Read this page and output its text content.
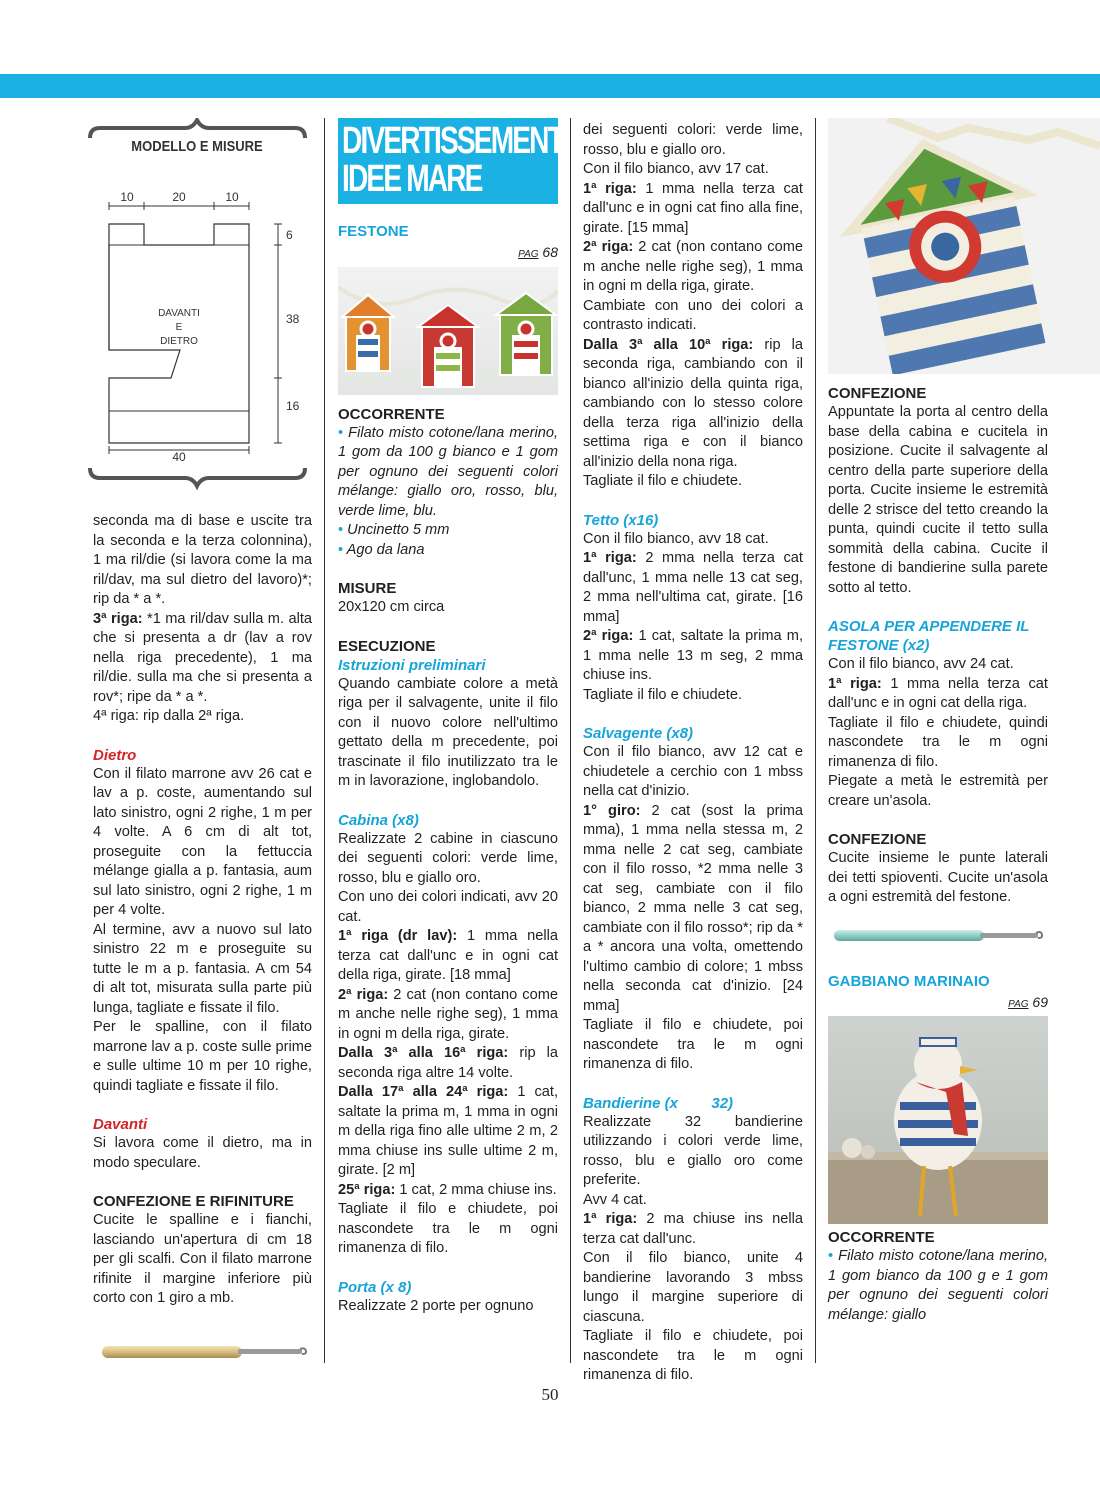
MODELLO E MISURE
10	20	10
DAVANTI
E
DIETRO
6
38
16
40

seconda ma di base e uscite tra la seconda e la terza colonnina), 1 ma ril/die (si lavora come la ma ril/dav, ma sul dietro del lavoro)*; rip da * a *.

3ª riga: *1 ma ril/dav sulla m. alta che si presenta a dr (lav a rov nella riga precedente), 1 ma ril/die. sulla ma che si presenta a rov*; ripe da * a *.

4ª riga: rip dalla 2ª riga.

Dietro

Con il filato marrone avv 26 cat e lav a p. coste, aumentando sul lato sinistro, ogni 2 righe, 1 m per 4 volte. A 6 cm di alt tot, proseguite con la fettuccia mélange gialla a p. fantasia, aum sul lato sinistro, ogni 2 righe, 1 m per 4 volte.

Al termine, avv a nuovo sul lato sinistro 22 m e proseguite su tutte le m a p. fantasia. A cm 54 di alt tot, misurata sulla parte più lunga, tagliate e fissate il filo.

Per le spalline, con il filato marrone lav a p. coste sulle prime e sulle ultime 10 m per 10 righe, quindi tagliate e fissate il filo.

Davanti

Si lavora come il dietro, ma in modo speculare.

CONFEZIONE E RIFINITURE

Cucite le spalline e i fianchi, lasciando un'apertura di cm 18 per gli scalfi. Con il filato marrone rifinite il margine inferiore più corto con 1 giro a mb.

DIVERTISSEMENT
IDEE MARE
FESTONE
PAG 68
OCCORRENTE

• Filato misto cotone/lana merino, 1 gom da 100 g bianco e 1 gom per ognuno dei seguenti colori mélange: giallo oro, rosso, blu, verde lime, blu.

• Uncinetto 5 mm

• Ago da lana

MISURE

20x120 cm circa

ESECUZIONE
Istruzioni preliminari

Quando cambiate colore a metà riga per il salvagente, unite il filo con il nuovo colore nell'ultimo gettato della m precedente, poi trascinate il filo inutilizzato tra le m in lavorazione, inglobandolo.

Cabina (x8)

Realizzate 2 cabine in ciascuno dei seguenti colori: verde lime, rosso, blu e giallo oro.

Con uno dei colori indicati, avv 20 cat.

1ª riga (dr lav): 1 mma nella terza cat dall'unc e in ogni cat della riga, girate. [18 mma]

2ª riga: 2 cat (non contano come m anche nelle righe seg), 1 mma in ogni m della riga, girate.

Dalla 3ª alla 16ª riga: rip la seconda riga altre 14 volte.

Dalla 17ª alla 24ª riga: 1 cat, saltate la prima m, 1 mma in ogni m della riga fino alle ultime 2 m, 2 mma chiuse ins sulle ultime 2 m, girate. [2 m]

25ª riga: 1 cat, 2 mma chiuse ins.

Tagliate il filo e chiudete, poi nascondete tra le m ogni rimanenza di filo.

Porta (x 8)

Realizzate 2 porte per ognuno

dei seguenti colori: verde lime, rosso, blu e giallo oro.

Con il filo bianco, avv 17 cat.

1ª riga: 1 mma nella terza cat dall'unc e in ogni cat fino alla fine, girate. [15 mma]

2ª riga: 2 cat (non contano come m anche nelle righe seg), 1 mma in ogni m della riga, girate.

Cambiate con uno dei colori a contrasto indicati.

Dalla 3ª alla 10ª riga: rip la seconda riga, cambiando con il bianco all'inizio della quinta riga, cambiando con lo stesso colore della terza riga all'inizio della settima riga e con il bianco all'inizio della nona riga.

Tagliate il filo e chiudete.

Tetto (x16)

Con il filo bianco, avv 18 cat.

1ª riga: 2 mma nella terza cat dall'unc, 1 mma nelle 13 cat seg, 2 mma nell'ultima cat, girate. [16 mma]

2ª riga: 1 cat, saltate la prima m, 1 mma nelle 13 m seg, 2 mma chiuse ins.

Tagliate il filo e chiudete.

Salvagente (x8)

Con il filo bianco, avv 12 cat e chiudetele a cerchio con 1 mbss nella cat d'inizio.

1° giro: 2 cat (sost la prima mma), 1 mma nella stessa m, 2 mma nelle 2 cat seg, cambiate con il filo rosso, *2 mma nelle 3 cat seg, cambiate con il filo bianco, 2 mma nelle 3 cat seg, cambiate con il filo rosso*; rip da * a * ancora una volta, omettendo l'ultimo cambio di colore; 1 mbss nella seconda cat d'inizio. [24 mma]

Tagliate il filo e chiudete, poi nascondete tra le m ogni rimanenza di filo.

Bandierine (x        32)

Realizzate 32 bandierine utilizzando i colori verde lime, rosso, blu e giallo oro come preferite.

Avv 4 cat.

1ª riga: 2 ma chiuse ins nella terza cat dall'unc.

Con il filo bianco, unite 4 bandierine lavorando 3 mbss lungo il margine superiore di ciascuna.

Tagliate il filo e chiudete, poi nascondete tra le m ogni rimanenza di filo.

CONFEZIONE

Appuntate la porta al centro della base della cabina e cucitela in posizione. Cucite il salvagente al centro della parte superiore della porta. Cucite insieme le estremità delle 2 strisce del tetto creando la punta, quindi cucite il tetto sulla sommità della cabina. Cucite il festone di bandierine sulla parete sotto al tetto.

ASOLA PER APPENDERE IL FESTONE (x2)

Con il filo bianco, avv 24 cat.

1ª riga: 1 mma nella terza cat dall'unc e in ogni cat della riga.

Tagliate il filo e chiudete, quindi nascondete tra le m ogni rimanenza di filo.

Piegate a metà le estremità per creare un'asola.

CONFEZIONE

Cucite insieme le punte laterali dei tetti spioventi. Cucite un'asola a ogni estremità del festone.

GABBIANO MARINAIO
PAG 69
OCCORRENTE

• Filato misto cotone/lana merino, 1 gom bianco da 100 g e 1 gom per ognuno dei seguenti colori mélange: giallo

50
